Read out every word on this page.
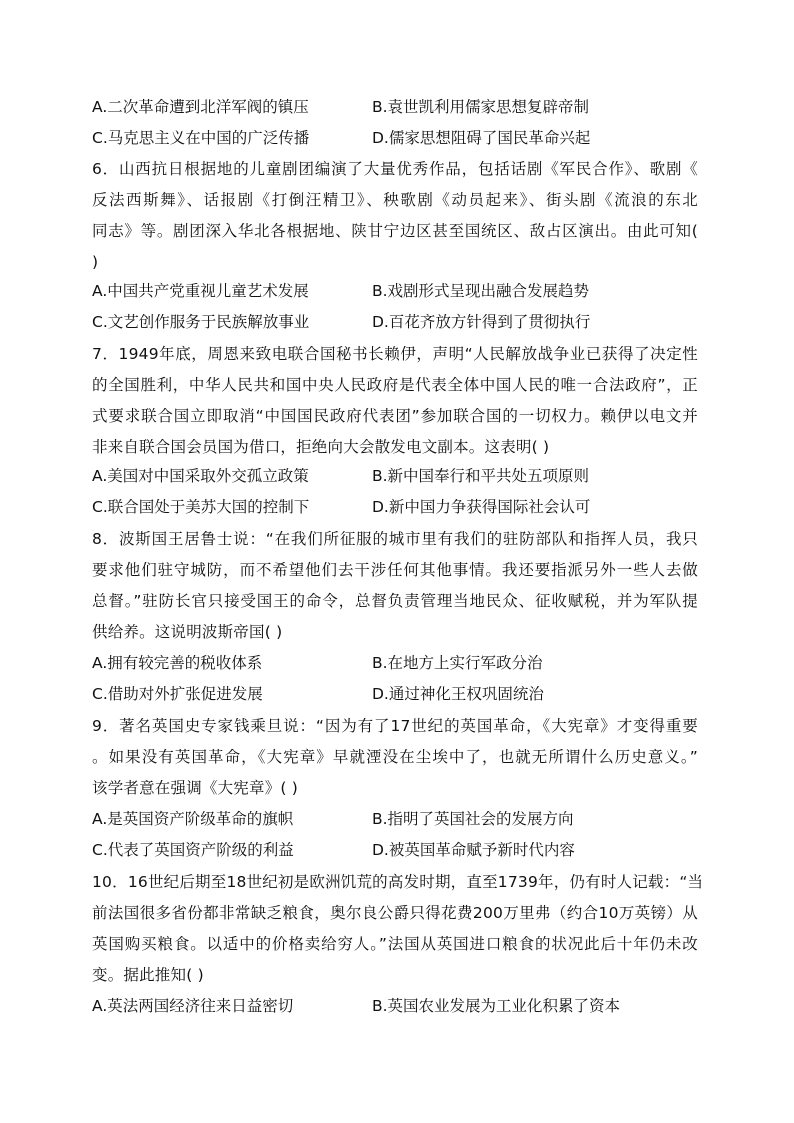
A.二次革命遭到北洋军阀的镇压	B.袁世凯利用儒家思想复辟帝制
C.马克思主义在中国的广泛传播	D.儒家思想阻碍了国民革命兴起
6．山西抗日根据地的儿童剧团编演了大量优秀作品，包括话剧《军民合作》、歌剧《
反法西斯舞》、话报剧《打倒汪精卫》、秧歌剧《动员起来》、街头剧《流浪的东北
同志》等。剧团深入华北各根据地、陕甘宁边区甚至国统区、敌占区演出。由此可知(
)
A.中国共产党重视儿童艺术发展	B.戏剧形式呈现出融合发展趋势
C.文艺创作服务于民族解放事业	D.百花齐放方针得到了贯彻执行
7．1949年底，周恩来致电联合国秘书长赖伊，声明“人民解放战争业已获得了决定性
的全国胜利，中华人民共和国中央人民政府是代表全体中国人民的唯一合法政府”，正
式要求联合国立即取消“中国国民政府代表团”参加联合国的一切权力。赖伊以电文并
非来自联合国会员国为借口，拒绝向大会散发电文副本。这表明( )
A.美国对中国采取外交孤立政策	B.新中国奉行和平共处五项原则
C.联合国处于美苏大国的控制下	D.新中国力争获得国际社会认可
8．波斯国王居鲁士说：“在我们所征服的城市里有我们的驻防部队和指挥人员，我只
要求他们驻守城防，而不希望他们去干涉任何其他事情。我还要指派另外一些人去做
总督。”驻防长官只接受国王的命令，总督负责管理当地民众、征收赋税，并为军队提
供给养。这说明波斯帝国( )
A.拥有较完善的税收体系	B.在地方上实行军政分治
C.借助对外扩张促进发展	D.通过神化王权巩固统治
9．著名英国史专家钱乘旦说：“因为有了17世纪的英国革命，《大宪章》才变得重要
。如果没有英国革命，《大宪章》早就湮没在尘埃中了，也就无所谓什么历史意义。”
该学者意在强调《大宪章》( )
A.是英国资产阶级革命的旗帜	B.指明了英国社会的发展方向
C.代表了英国资产阶级的利益	D.被英国革命赋予新时代内容
10．16世纪后期至18世纪初是欧洲饥荒的高发时期，直至1739年，仍有时人记载：“当
前法国很多省份都非常缺乏粮食，奥尔良公爵只得花费200万里弗（约合10万英镑）从
英国购买粮食。以适中的价格卖给穷人。”法国从英国进口粮食的状况此后十年仍未改
变。据此推知( )
A.英法两国经济往来日益密切	B.英国农业发展为工业化积累了资本
